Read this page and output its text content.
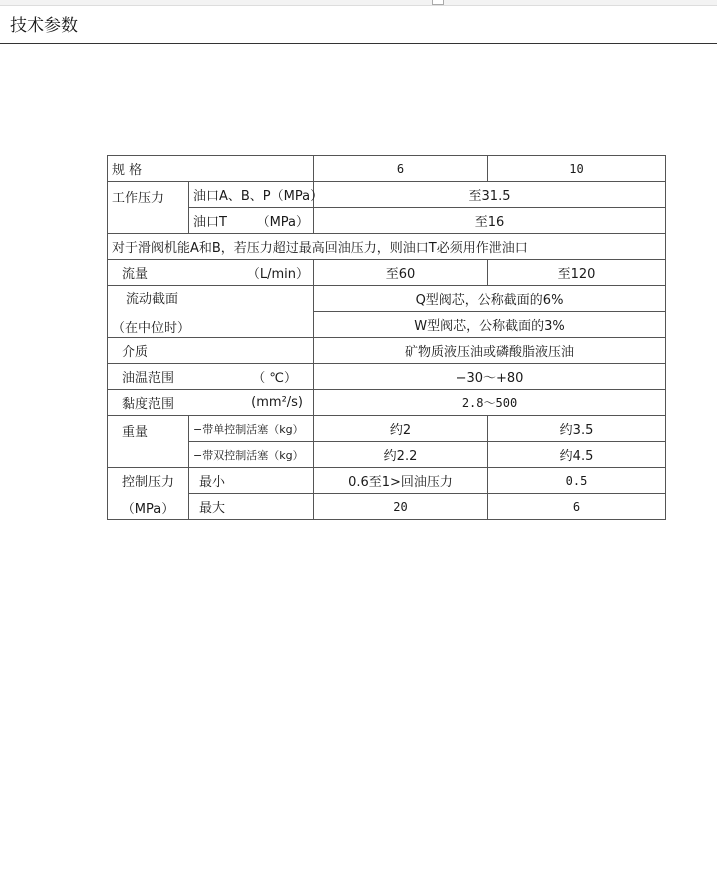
技术参数
规 格		6	10
工作压力	油口A、B、P （MPa）	至31.5	

	油口T （MPa）	至16	
对于滑阀机能A和B，若压力超过最高回油压力，则油口T必须用作泄油口			

流量 （L/min）		至60	至120

流动截面
（在中位时）		Q型阀芯，公称截面的6%	
		W型阀芯，公称截面的3%	
介质		矿物质液压油或磷酸脂液压油	

油温范围 （ ℃）		−30～+80	

黏度范围 (mm²/s)		2.8～500	
重量	−带单控制活塞（kg）	约2	约3.5
	−带双控制活塞（kg）	约2.2	约4.5

控制压力
（MPa）	最小	0.6至1>回油压力	0.5
	最大	20	6
